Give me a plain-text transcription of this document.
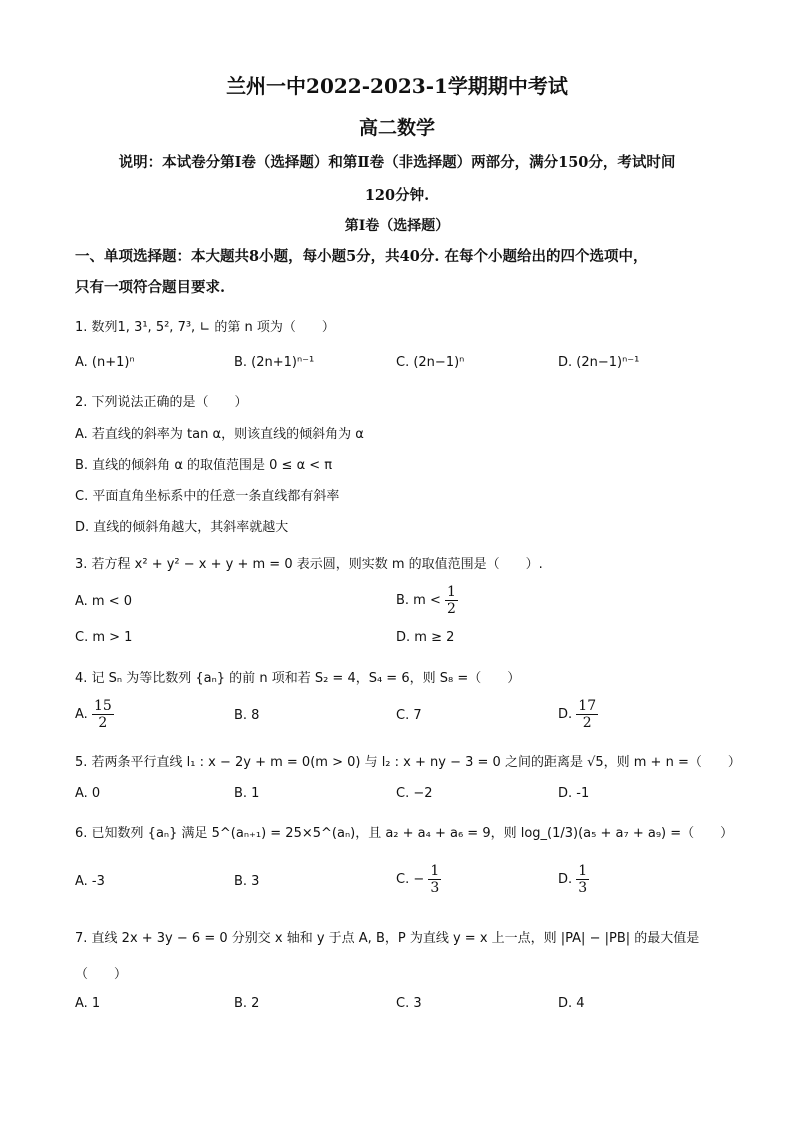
兰州一中2022-2023-1学期期中考试
高二数学
说明：本试卷分第Ⅰ卷（选择题）和第Ⅱ卷（非选择题）两部分，满分150分，考试时间
120分钟.
第Ⅰ卷（选择题）
一、单项选择题：本大题共8小题，每小题5分，共40分. 在每个小题给出的四个选项中，
只有一项符合题目要求.
1. 数列1, 3¹, 5², 7³, ∟ 的第 n 项为（　　）
A. (n+1)ⁿ	B. (2n+1)ⁿ⁻¹	C. (2n−1)ⁿ	D. (2n−1)ⁿ⁻¹
2. 下列说法正确的是（　　）
A. 若直线的斜率为 tan α，则该直线的倾斜角为 α
B. 直线的倾斜角 α 的取值范围是 0 ≤ α < π
C. 平面直角坐标系中的任意一条直线都有斜率
D. 直线的倾斜角越大，其斜率就越大
3. 若方程 x² + y² − x + y + m = 0 表示圆，则实数 m 的取值范围是（　　）.
A. m < 0	B. $m < \frac{1}{2}$
C. m > 1	D. m ≥ 2
4. 记 Sₙ 为等比数列 {aₙ} 的前 n 项和若 S₂ = 4，S₄ = 6，则 S₈ =（　　）
A. $\frac{15}{2}$	B. 8	C. 7	D. $\frac{17}{2}$
5. 若两条平行直线 l₁ : x − 2y + m = 0(m > 0) 与 l₂ : x + ny − 3 = 0 之间的距离是 √5，则 m + n =（　　）
A. 0	B. 1	C. −2	D. -1
6. 已知数列 {aₙ} 满足 5^(aₙ₊₁) = 25×5^(aₙ)，且 a₂ + a₄ + a₆ = 9，则 log_(1/3)(a₅ + a₇ + a₉) =（　　）
A. -3	B. 3	C. − $\frac{1}{3}$	D. $\frac{1}{3}$
7. 直线 2x + 3y − 6 = 0 分别交 x 轴和 y 于点 A, B，P 为直线 y = x 上一点，则 |PA| − |PB| 的最大值是
（　　）
A. 1	B. 2	C. 3	D. 4
